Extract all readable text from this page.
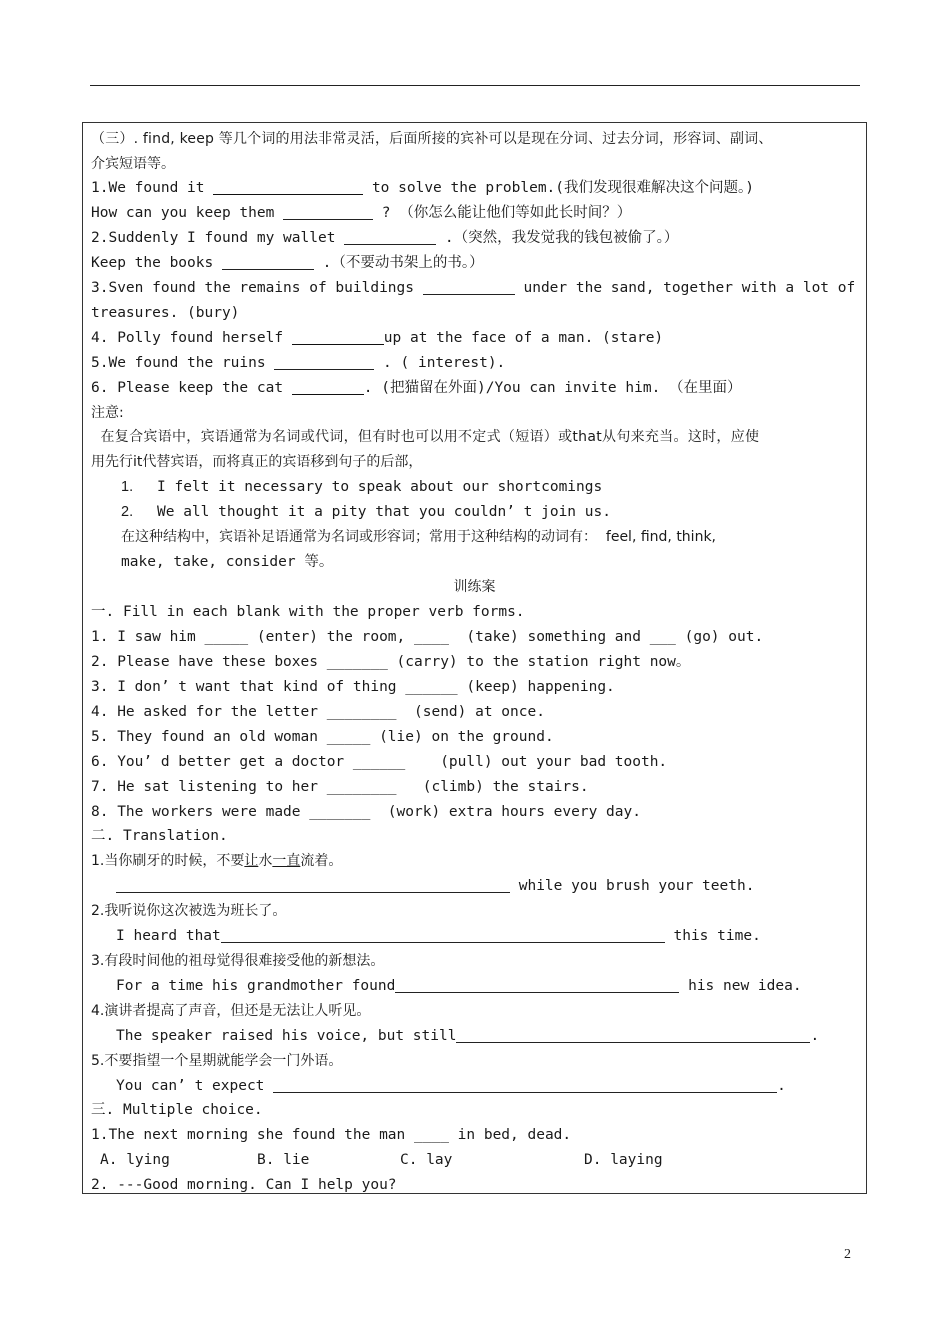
（三）. find, keep 等几个词的用法非常灵活，后面所接的宾补可以是现在分词、过去分词，形容词、副词、
介宾短语等。
1.We found it	to solve the problem.(我们发现很难解决这个问题。)
How can you keep them	? （你怎么能让他们等如此长时间？）
2.Suddenly I found my wallet	.（突然，我发觉我的钱包被偷了。）
Keep the books	.（不要动书架上的书。）
3.Sven found the remains of buildings	under the sand, together with a lot of
treasures. (bury)
4. Polly found herself	up at the face of a man. (stare)
5.We found the ruins	. ( interest).
6. Please keep the cat	. (把猫留在外面)/You can invite him. （在里面）
注意:
在复合宾语中，宾语通常为名词或代词，但有时也可以用不定式（短语）或that从句来充当。这时，应使
用先行it代替宾语，而将真正的宾语移到句子的后部，
1. I felt it necessary to speak about our shortcomings
2. We all thought it a pity that you couldn’ t join us.
在这种结构中，宾语补足语通常为名词或形容词；常用于这种结构的动词有：  feel, find, think,
make, take, consider 等。
训练案
一. Fill in each blank with the proper verb forms.
1. I saw him _____ (enter) the room, ____  (take) something and ___ (go) out.
2. Please have these boxes _______ (carry) to the station right now。
3. I don’ t want that kind of thing ______ (keep) happening.
4. He asked for the letter ________  (send) at once.
5. They found an old woman _____ (lie) on the ground.
6. You’ d better get a doctor ______    (pull) out your bad tooth.
7. He sat listening to her ________   (climb) the stairs.
8. The workers were made _______  (work) extra hours every day.
二. Translation.
1.当你刷牙的时候，不要让水一直流着。
while you brush your teeth.
2.我听说你这次被选为班长了。
I heard that	this time.
3.有段时间他的祖母觉得很难接受他的新想法。
For a time his grandmother found	his new idea.
4.演讲者提高了声音，但还是无法让人听见。
The speaker raised his voice, but still	.
5.不要指望一个星期就能学会一门外语。
You can’ t expect	.
三. Multiple choice.
1.The next morning she found the man ____ in bed, dead.
A. lying	B. lie	C. lay	D. laying
2. ---Good morning. Can I help you?
2
